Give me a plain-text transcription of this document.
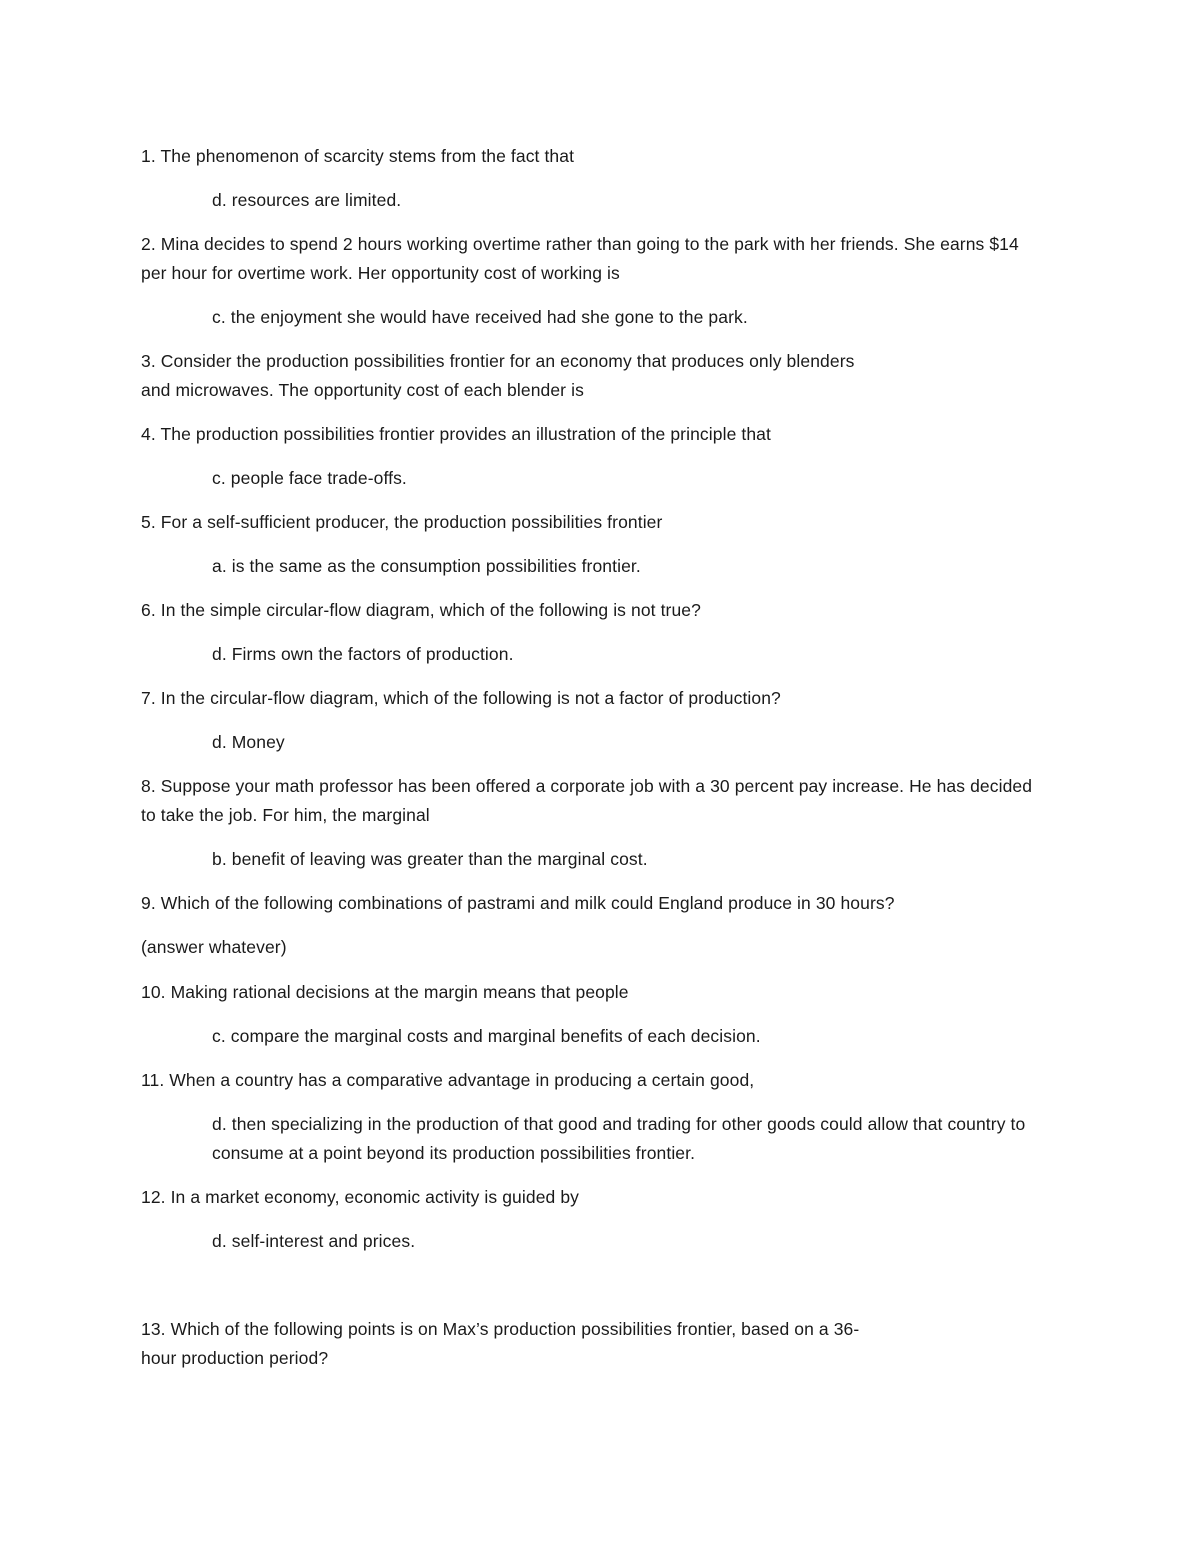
1. The phenomenon of scarcity stems from the fact that
d. resources are limited.
2. Mina decides to spend 2 hours working overtime rather than going to the park with her friends. She earns $14
per hour for overtime work. Her opportunity cost of working is
c. the enjoyment she would have received had she gone to the park.
3. Consider the production possibilities frontier for an economy that produces only blenders
and microwaves. The opportunity cost of each blender is
4. The production possibilities frontier provides an illustration of the principle that
c. people face trade-offs.
5. For a self-sufficient producer, the production possibilities frontier
a. is the same as the consumption possibilities frontier.
6. In the simple circular-flow diagram, which of the following is not true?
d. Firms own the factors of production.
7. In the circular-flow diagram, which of the following is not a factor of production?
d. Money
8. Suppose your math professor has been offered a corporate job with a 30 percent pay increase. He has decided
to take the job. For him, the marginal
b. benefit of leaving was greater than the marginal cost.
9. Which of the following combinations of pastrami and milk could England produce in 30 hours?
(answer whatever)
10. Making rational decisions at the margin means that people
c. compare the marginal costs and marginal benefits of each decision.
11. When a country has a comparative advantage in producing a certain good,
d. then specializing in the production of that good and trading for other goods could allow that country to
consume at a point beyond its production possibilities frontier.
12. In a market economy, economic activity is guided by
d. self-interest and prices.
13. Which of the following points is on Max’s production possibilities frontier, based on a 36-
hour production period?
